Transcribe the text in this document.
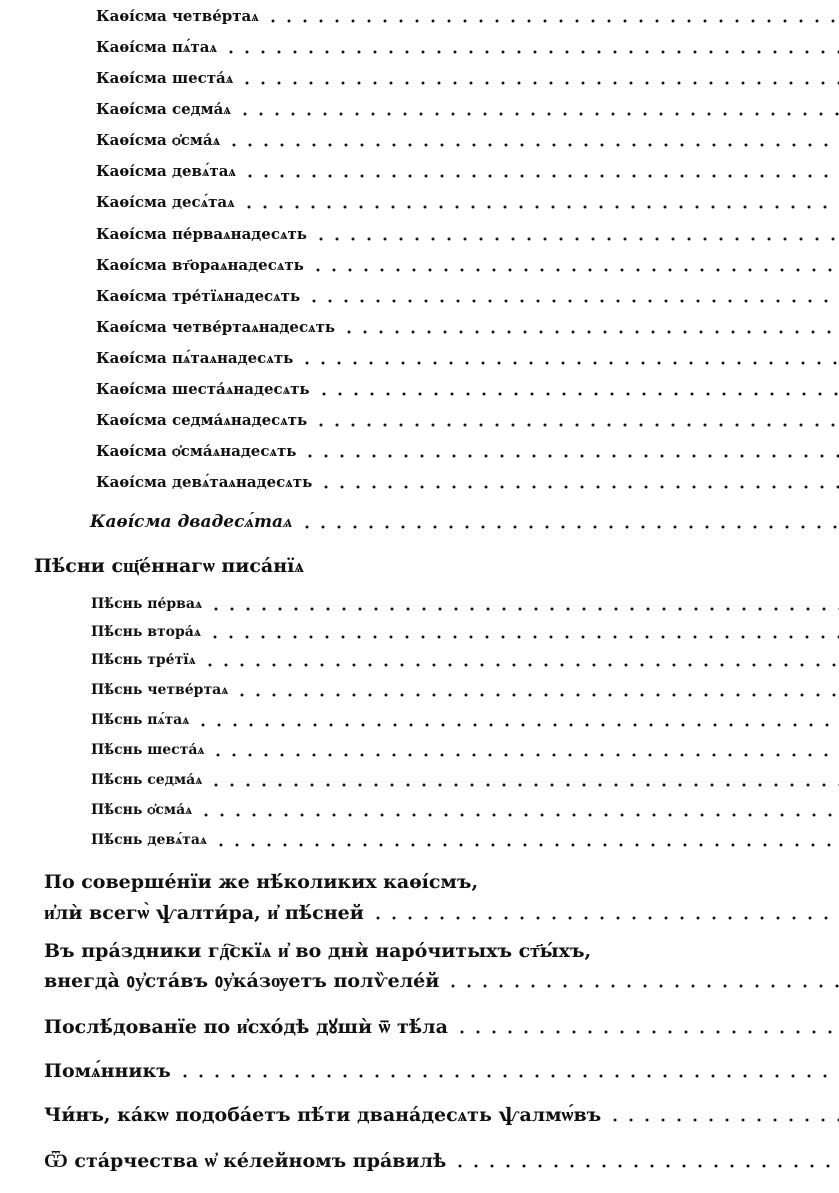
Каѳі́сма четве́ртаѧ
Каѳі́сма пѧ́таѧ
Каѳі́сма шеста́ѧ
Каѳі́сма седма́ѧ
Каѳі́сма ѻ҆сма́ѧ
Каѳі́сма девѧ́таѧ
Каѳі́сма десѧ́таѧ
Каѳі́сма пе́рваѧнадесѧть
Каѳі́сма вт҃орaѧнадесѧть
Каѳі́сма тре́тїѧнадесѧть
Каѳі́сма четве́ртаѧнадесѧть
Каѳі́сма пѧ́таѧнадесѧть
Каѳі́сма шеста́ѧнадесѧть
Каѳі́сма седма́ѧнадесѧть
Каѳі́сма ѻ҆сма́ѧнадесѧть
Каѳі́сма девѧ́таѧнадесѧть
Каѳі́сма двадесѧ́таѧ
Пѣ́сни сщ҃е́ннагѡ писа́нїѧ
Пѣ́снь пе́рваѧ
Пѣ́снь втора́ѧ
Пѣ́снь тре́тїѧ
Пѣ́снь четве́ртаѧ
Пѣ́снь пѧ́таѧ
Пѣ́снь шеста́ѧ
Пѣ́снь седма́ѧ
Пѣ́снь ѻ҆сма́ѧ
Пѣ́снь девѧ́таѧ
По соверше́нїи же нѣ́коликих каѳі́смъ,
и҆лѝ всегѡ̀ ѱалти́ра, и҆ пѣ́сней
Въ пра́здники гд҇скїѧ и҆ во днѝ наро́читыхъ ст҃ы́хъ,
внегда̀ ᲂу҆ста́въ ᲂу҆ка́зѹетъ полѷеле́й
Послѣ́дованїе по и҆схо́дѣ дꙋшѝ ѿ тѣ́ла
Помѧ́нникъ
Чи́нъ, ка́кѡ подоба́етъ пѣ́ти двана́десѧть ѱалмѡ́въ
Ѿ ста́рчества ѡ҆ ке́лейномъ пра́вилѣ
